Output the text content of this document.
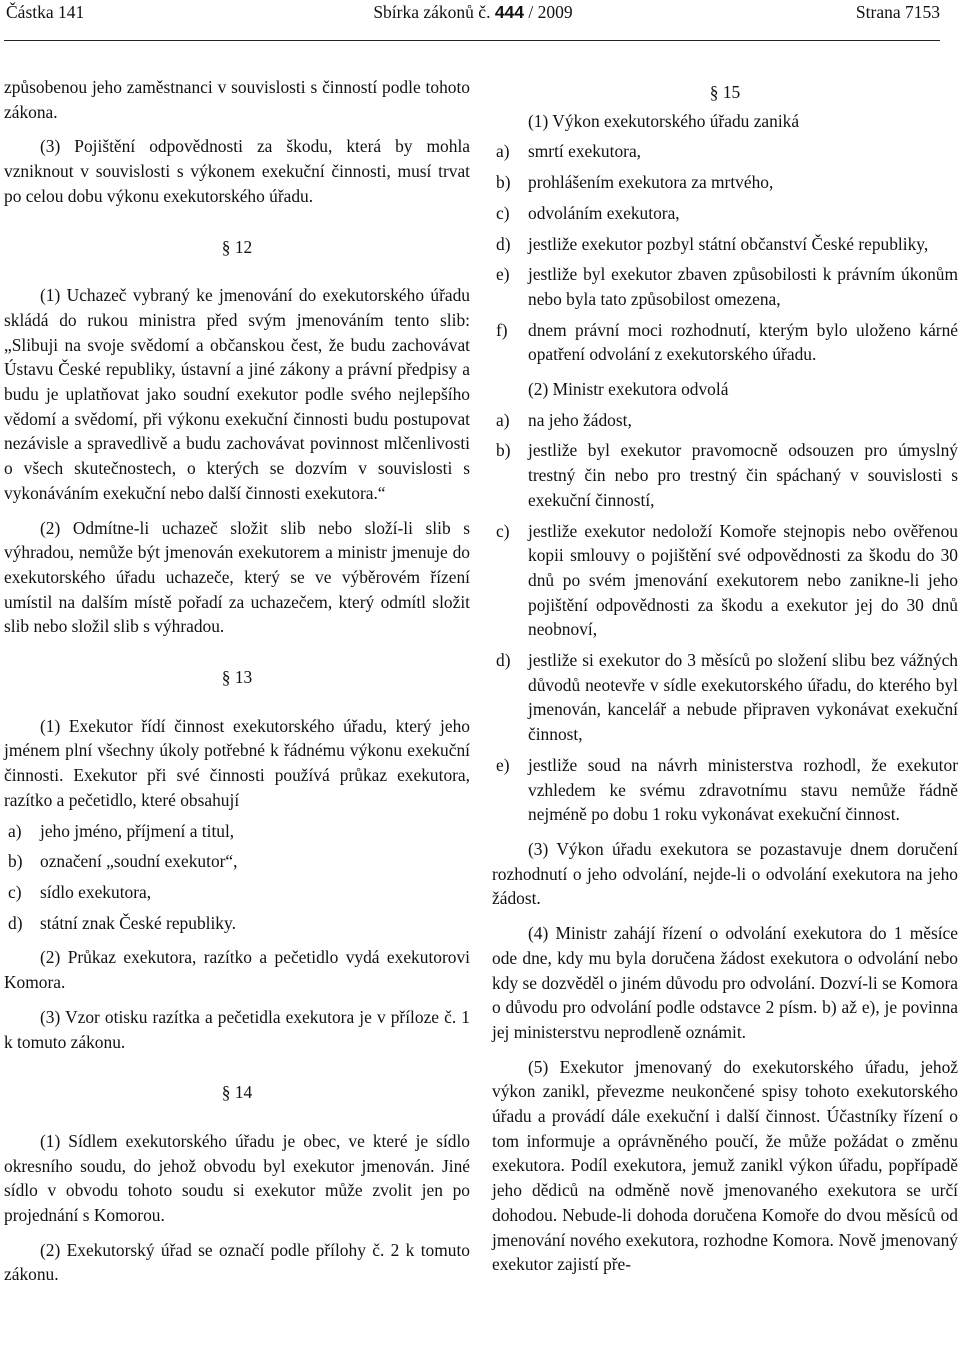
Částka 141	Sbírka zákonů č. 444 / 2009	Strana 7153

způsobenou jeho zaměstnanci v souvislosti s činností podle tohoto zákona.

(3) Pojištění odpovědnosti za škodu, která by mohla vzniknout v souvislosti s výkonem exekuční činnosti, musí trvat po celou dobu výkonu exekutorského úřadu.

§ 12

(1) Uchazeč vybraný ke jmenování do exekutorského úřadu skládá do rukou ministra před svým jmenováním tento slib: „Slibuji na svoje svědomí a občanskou čest, že budu zachovávat Ústavu České republiky, ústavní a jiné zákony a právní předpisy a budu je uplatňovat jako soudní exekutor podle svého nejlepšího vědomí a svědomí, při výkonu exekuční činnosti budu postupovat nezávisle a spravedlivě a budu zachovávat povinnost mlčenlivosti o všech skutečnostech, o kterých se dozvím v souvislosti s vykonáváním exekuční nebo další činnosti exekutora.“

(2) Odmítne-li uchazeč složit slib nebo složí-li slib s výhradou, nemůže být jmenován exekutorem a ministr jmenuje do exekutorského úřadu uchazeče, který se ve výběrovém řízení umístil na dalším místě pořadí za uchazečem, který odmítl složit slib nebo složil slib s výhradou.

§ 13

(1) Exekutor řídí činnost exekutorského úřadu, který jeho jménem plní všechny úkoly potřebné k řádnému výkonu exekuční činnosti. Exekutor při své činnosti používá průkaz exekutora, razítko a pečetidlo, které obsahují

a)	jeho jméno, příjmení a titul,
b)	označení „soudní exekutor“,
c)	sídlo exekutora,
d)	státní znak České republiky.

(2) Průkaz exekutora, razítko a pečetidlo vydá exekutorovi Komora.

(3) Vzor otisku razítka a pečetidla exekutora je v příloze č. 1 k tomuto zákonu.

§ 14

(1) Sídlem exekutorského úřadu je obec, ve které je sídlo okresního soudu, do jehož obvodu byl exekutor jmenován. Jiné sídlo v obvodu tohoto soudu si exekutor může zvolit jen po projednání s Komorou.

(2) Exekutorský úřad se označí podle přílohy č. 2 k tomuto zákonu.

§ 15

(1) Výkon exekutorského úřadu zaniká

a)	smrtí exekutora,
b)	prohlášením exekutora za mrtvého,
c)	odvoláním exekutora,
d)	jestliže exekutor pozbyl státní občanství České republiky,
e)	jestliže byl exekutor zbaven způsobilosti k právním úkonům nebo byla tato způsobilost omezena,
f)	dnem právní moci rozhodnutí, kterým bylo uloženo kárné opatření odvolání z exekutorského úřadu.

(2) Ministr exekutora odvolá

a)	na jeho žádost,
b)	jestliže byl exekutor pravomocně odsouzen pro úmyslný trestný čin nebo pro trestný čin spáchaný v souvislosti s exekuční činností,
c)	jestliže exekutor nedoloží Komoře stejnopis nebo ověřenou kopii smlouvy o pojištění své odpovědnosti za škodu do 30 dnů po svém jmenování exekutorem nebo zanikne-li jeho pojištění odpovědnosti za škodu a exekutor jej do 30 dnů neobnoví,
d)	jestliže si exekutor do 3 měsíců po složení slibu bez vážných důvodů neotevře v sídle exekutorského úřadu, do kterého byl jmenován, kancelář a nebude připraven vykonávat exekuční činnost,
e)	jestliže soud na návrh ministerstva rozhodl, že exekutor vzhledem ke svému zdravotnímu stavu nemůže řádně nejméně po dobu 1 roku vykonávat exekuční činnost.

(3) Výkon úřadu exekutora se pozastavuje dnem doručení rozhodnutí o jeho odvolání, nejde-li o odvolání exekutora na jeho žádost.

(4) Ministr zahájí řízení o odvolání exekutora do 1 měsíce ode dne, kdy mu byla doručena žádost exekutora o odvolání nebo kdy se dozvěděl o jiném důvodu pro odvolání. Dozví-li se Komora o důvodu pro odvolání podle odstavce 2 písm. b) až e), je povinna jej ministerstvu neprodleně oznámit.

(5) Exekutor jmenovaný do exekutorského úřadu, jehož výkon zanikl, převezme neukončené spisy tohoto exekutorského úřadu a provádí dále exekuční i další činnost. Účastníky řízení o tom informuje a oprávněného poučí, že může požádat o změnu exekutora. Podíl exekutora, jemuž zanikl výkon úřadu, popřípadě jeho dědiců na odměně nově jmenovaného exekutora se určí dohodou. Nebude-li dohoda doručena Komoře do dvou měsíců od jmenování nového exekutora, rozhodne Komora. Nově jmenovaný exekutor zajistí pře-
